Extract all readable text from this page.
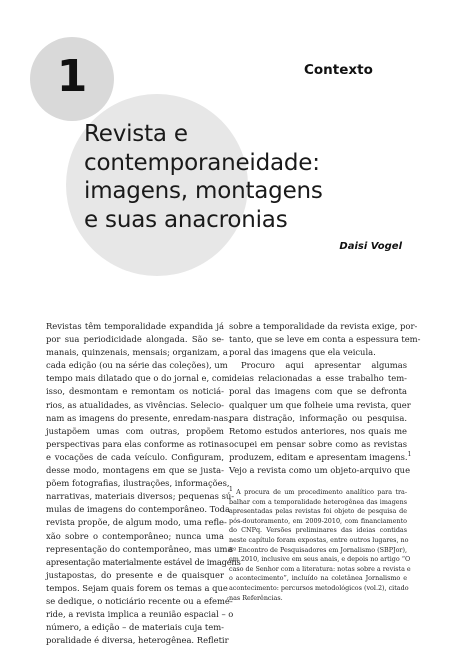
1	Contexto
Revista e
contemporaneidade:
imagens, montagens
e suas anacronias
Daisi Vogel
Revistas têm temporalidade expandida já
por sua periodicidade alongada. São se-
manais, quinzenais, mensais; organizam, a
cada edição (ou na série das coleções), um
tempo mais dilatado que o do jornal e, com
isso, desmontam e remontam os noticiá-
rios, as atualidades, as vivências. Selecio-
nam as imagens do presente, enredam-nas,
justapõem umas com outras, propõem
perspectivas para elas conforme as rotinas
e vocações de cada veículo. Configuram,
desse modo, montagens em que se justa-
põem fotografias, ilustrações, informações,
narrativas, materiais diversos; pequenas sú-
mulas de imagens do contemporâneo. Toda
revista propõe, de algum modo, uma refle-
xão sobre o contemporâneo; nunca uma
representação do contemporâneo, mas uma
apresentação materialmente estável de imagens
justapostas, do presente e de quaisquer
tempos. Sejam quais forem os temas a que
se dedique, o noticiário recente ou a efemé-
ride, a revista implica a reunião espacial – o
número, a edição – de materiais cuja tem-
poralidade é diversa, heterogênea. Refletir
sobre a temporalidade da revista exige, por-
tanto, que se leve em conta a espessura tem-
poral das imagens que ela veicula.
Procuro aqui apresentar algumas
ideias relacionadas a esse trabalho tem-
poral das imagens com que se defronta
qualquer um que folheie uma revista, quer
para distração, informação ou pesquisa.
Retomo estudos anteriores, nos quais me
ocupei em pensar sobre como as revistas
produzem, editam e apresentam imagens.$^1$
Vejo a revista como um objeto-arquivo que
$^1$ A procura de um procedimento analítico para tra-
balhar com a temporalidade heterogênea das imagens
apresentadas pelas revistas foi objeto de pesquisa de
pós-doutoramento, em 2009-2010, com financiamento
do CNPq. Versões preliminares das ideias contidas
neste capítulo foram expostas, entre outros lugares, no
8º Encontro de Pesquisadores em Jornalismo (SBPJor),
em 2010, inclusive em seus anais, e depois no artigo “O
caso de Senhor com a literatura: notas sobre a revista e
o acontecimento”, incluído na coletânea Jornalismo e
acontecimento: percursos metodológicos (vol.2), citado
nas Referências.
